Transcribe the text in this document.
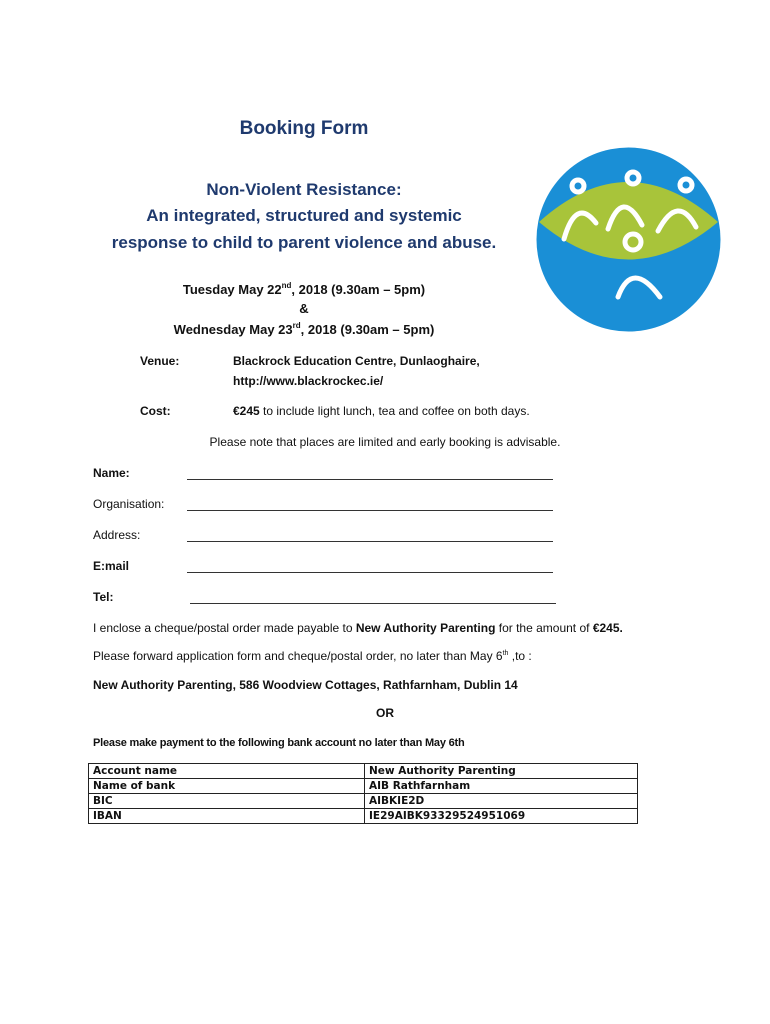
Booking Form
Non-Violent Resistance:
An integrated, structured and systemic
response to child to parent violence and abuse.
Tuesday May 22nd, 2018 (9.30am – 5pm)
&
Wednesday May 23rd, 2018 (9.30am – 5pm)
Venue:	Blackrock Education Centre, Dunlaoghaire,
http://www.blackrockec.ie/
Cost:	€245 to include light lunch, tea and coffee on both days.
Please note that places are limited and early booking is advisable.
Name:
Organisation:
Address:
E:mail
Tel:
I enclose a cheque/postal order made payable to New Authority Parenting for the amount of €245.
Please forward application form and cheque/postal order, no later than May 6th ,to :
New Authority Parenting, 586 Woodview Cottages, Rathfarnham, Dublin 14
OR
Please make payment to the following bank account no later than May 6th
Account name	New Authority Parenting
Name of bank	AIB Rathfarnham
BIC	AIBKIE2D
IBAN	IE29AIBK93329524951069
